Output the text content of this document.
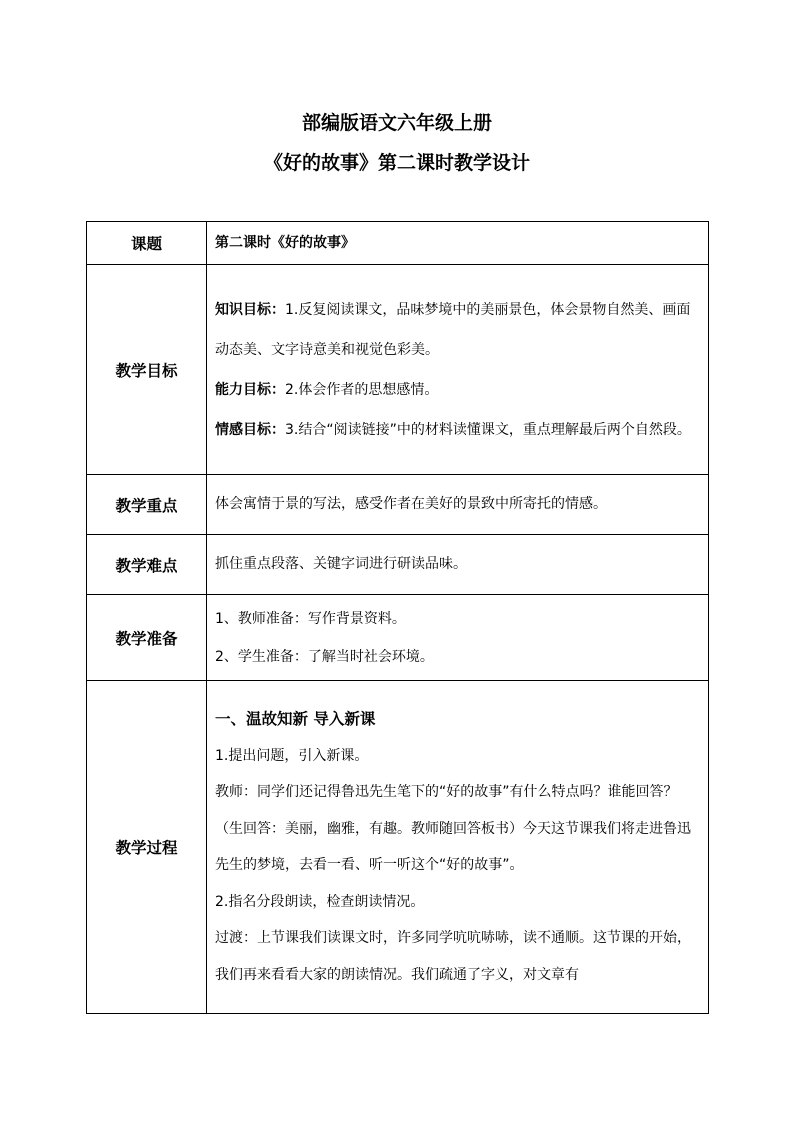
部编版语文六年级上册
《好的故事》第二课时教学设计
课题	第二课时《好的故事》
教学目标	知识目标：1.反复阅读课文，品味梦境中的美丽景色，体会景物自然美、画面动态美、文字诗意美和视觉色彩美。

能力目标：2.体会作者的思想感情。

情感目标：3.结合“阅读链接”中的材料读懂课文，重点理解最后两个自然段。

教学重点	体会寓情于景的写法，感受作者在美好的景致中所寄托的情感。
教学难点	抓住重点段落、关键字词进行研读品味。
教学准备	1、教师准备：写作背景资料。

2、学生准备：了解当时社会环境。

教学过程	一、温故知新 导入新课

1.提出问题，引入新课。

教师：同学们还记得鲁迅先生笔下的“好的故事”有什么特点吗？谁能回答？（生回答：美丽，幽雅，有趣。教师随回答板书）今天这节课我们将走进鲁迅先生的梦境，去看一看、听一听这个“好的故事”。

2.指名分段朗读，检查朗读情况。

过渡：上节课我们读课文时，许多同学吭吭哧哧，读不通顺。这节课的开始，我们再来看看大家的朗读情况。我们疏通了字义，对文章有
